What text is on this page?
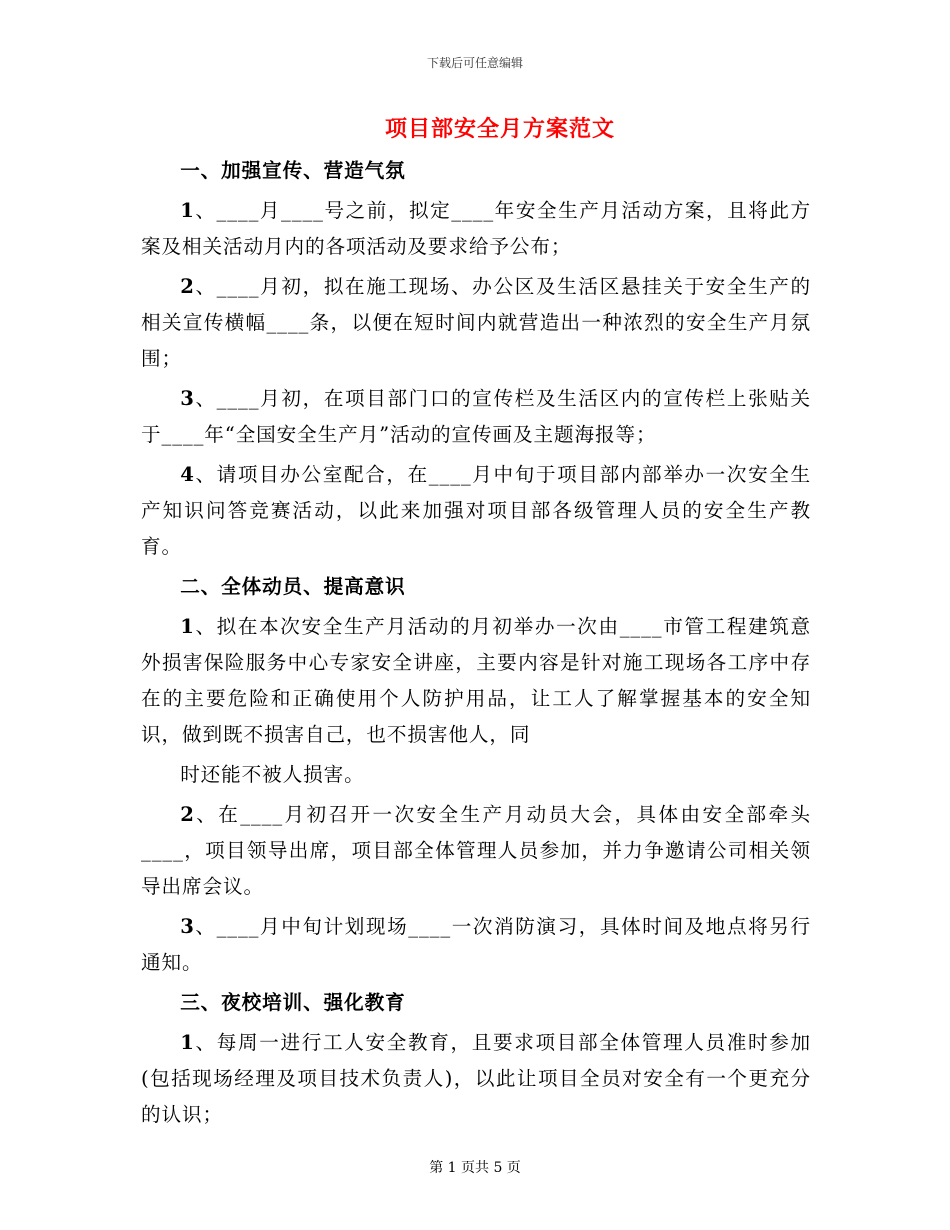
下载后可任意编辑
项目部安全月方案范文
一、加强宣传、营造气氛
1、____月____号之前，拟定____年安全生产月活动方案，且将此方案及相关活动月内的各项活动及要求给予公布；
2、____月初，拟在施工现场、办公区及生活区悬挂关于安全生产的相关宣传横幅____条，以便在短时间内就营造出一种浓烈的安全生产月氛围；
3、____月初，在项目部门口的宣传栏及生活区内的宣传栏上张贴关于____年“全国安全生产月”活动的宣传画及主题海报等；
4、请项目办公室配合，在____月中旬于项目部内部举办一次安全生产知识问答竞赛活动，以此来加强对项目部各级管理人员的安全生产教育。
二、全体动员、提高意识
1、拟在本次安全生产月活动的月初举办一次由____市管工程建筑意外损害保险服务中心专家安全讲座，主要内容是针对施工现场各工序中存在的主要危险和正确使用个人防护用品，让工人了解掌握基本的安全知识，做到既不损害自己，也不损害他人，同
时还能不被人损害。
2、在____月初召开一次安全生产月动员大会，具体由安全部牵头____，项目领导出席，项目部全体管理人员参加，并力争邀请公司相关领导出席会议。
3、____月中旬计划现场____一次消防演习，具体时间及地点将另行通知。
三、夜校培训、强化教育
1、每周一进行工人安全教育，且要求项目部全体管理人员准时参加(包括现场经理及项目技术负责人)，以此让项目全员对安全有一个更充分的认识；
第 1 页共 5 页
